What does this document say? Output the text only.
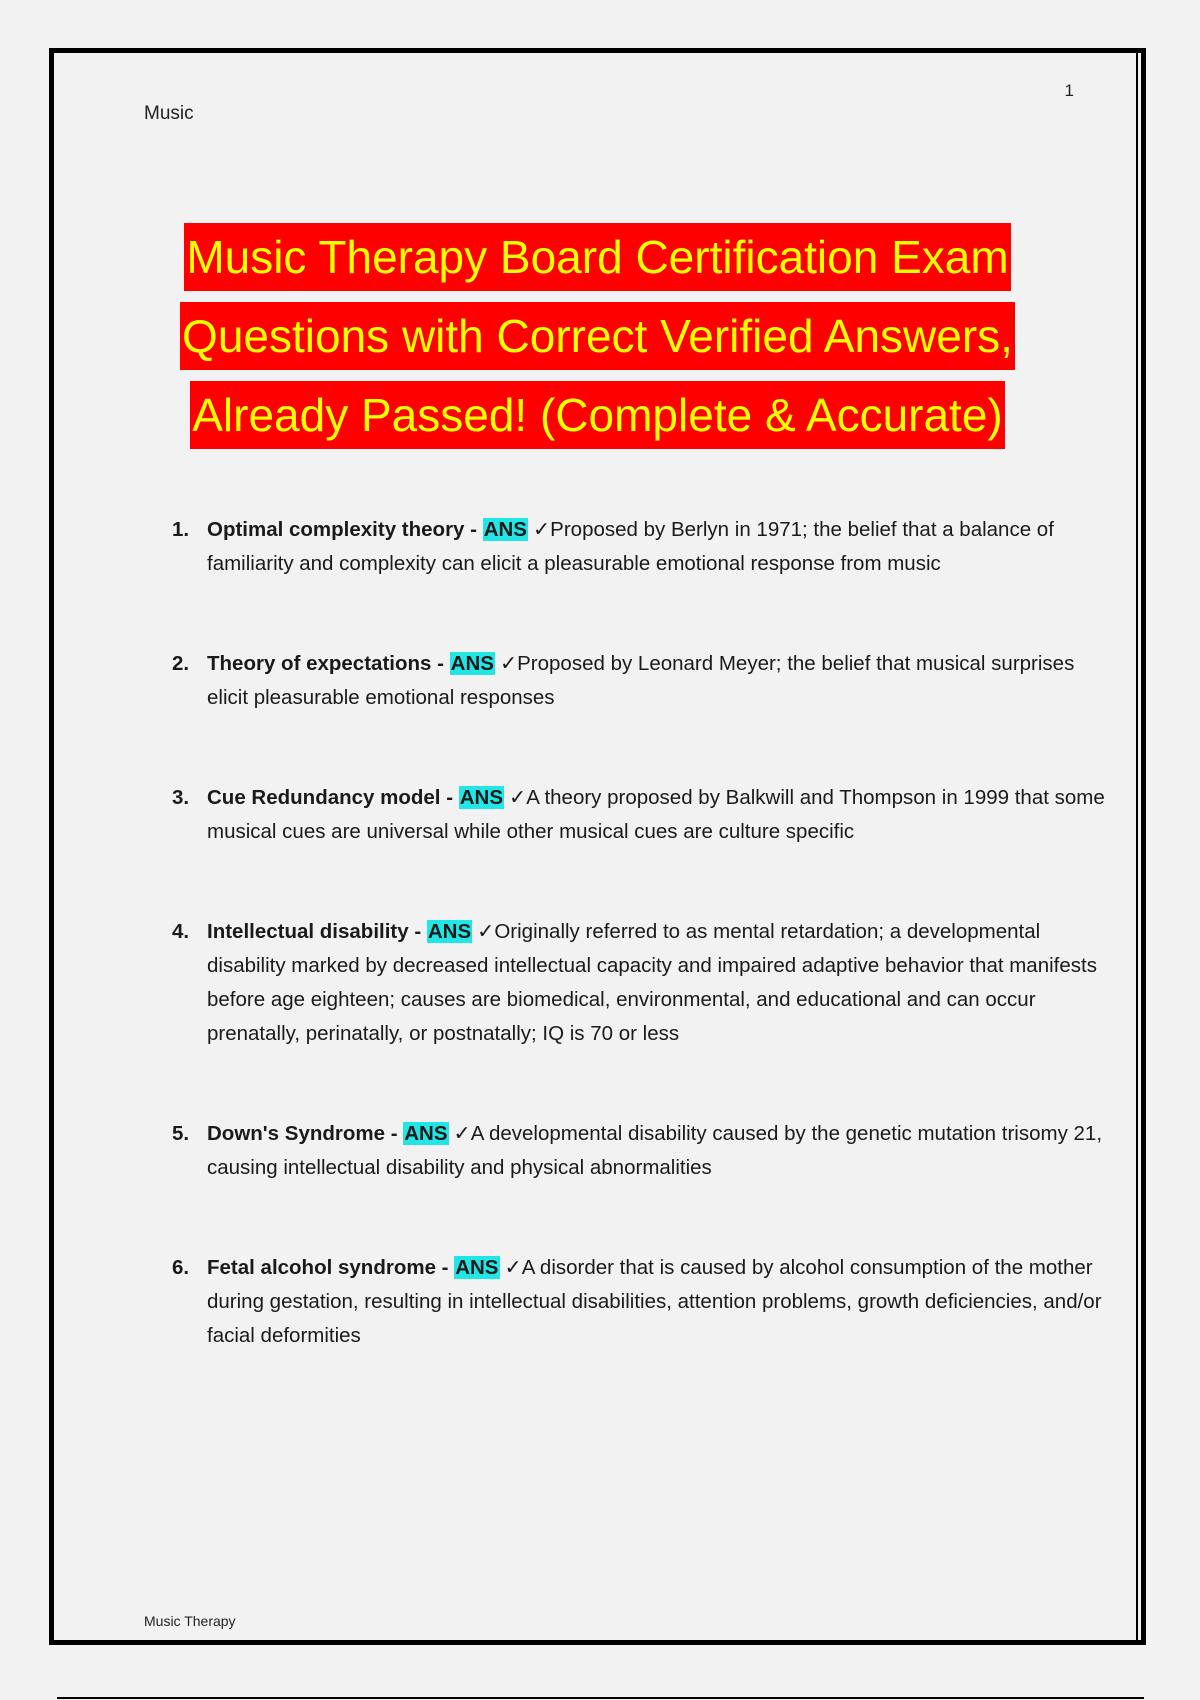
1
Music
Music Therapy Board Certification Exam
Questions with Correct Verified Answers,
Already Passed! (Complete & Accurate)
1. Optimal complexity theory - ANS ✓Proposed by Berlyn in 1971; the belief that a balance of familiarity and complexity can elicit a pleasurable emotional response from music
2. Theory of expectations - ANS ✓Proposed by Leonard Meyer; the belief that musical surprises elicit pleasurable emotional responses
3. Cue Redundancy model - ANS ✓A theory proposed by Balkwill and Thompson in 1999 that some musical cues are universal while other musical cues are culture specific
4. Intellectual disability - ANS ✓Originally referred to as mental retardation; a developmental disability marked by decreased intellectual capacity and impaired adaptive behavior that manifests before age eighteen; causes are biomedical, environmental, and educational and can occur prenatally, perinatally, or postnatally; IQ is 70 or less
5. Down's Syndrome - ANS ✓A developmental disability caused by the genetic mutation trisomy 21, causing intellectual disability and physical abnormalities
6. Fetal alcohol syndrome - ANS ✓A disorder that is caused by alcohol consumption of the mother during gestation, resulting in intellectual disabilities, attention problems, growth deficiencies, and/or facial deformities
Music Therapy
